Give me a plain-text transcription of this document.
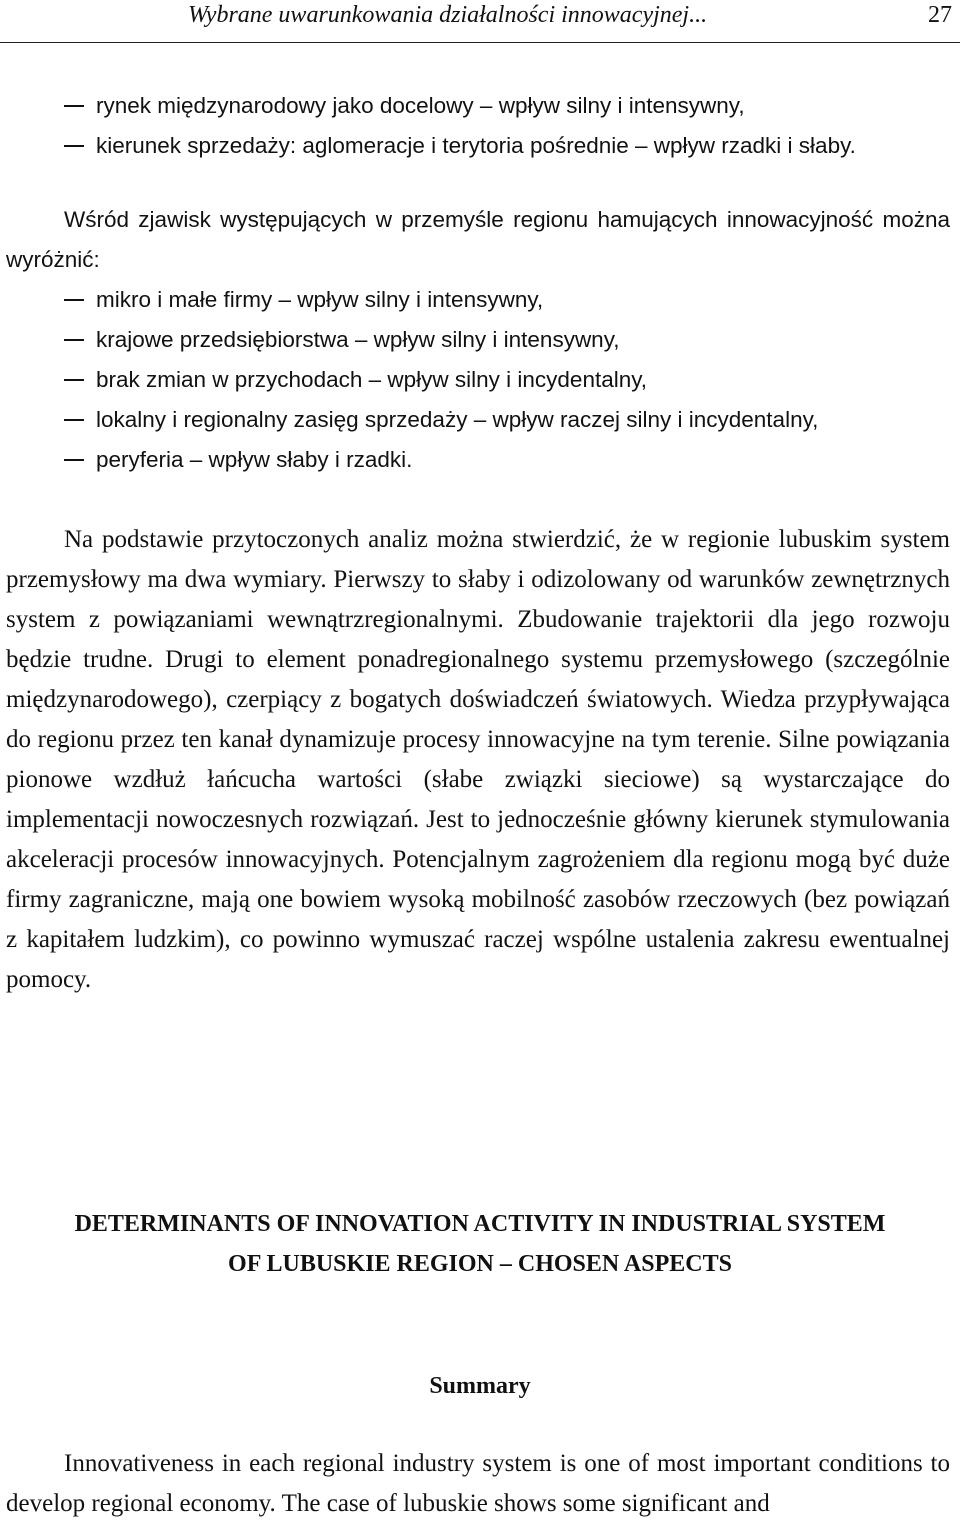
Wybrane uwarunkowania działalności innowacyjnej...	27
rynek międzynarodowy jako docelowy – wpływ silny i intensywny,
kierunek sprzedaży: aglomeracje i terytoria pośrednie – wpływ rzadki i słaby.

Wśród zjawisk występujących w przemyśle regionu hamujących innowacyjność można wyróżnić:

mikro i małe firmy – wpływ silny i intensywny,
krajowe przedsiębiorstwa – wpływ silny i intensywny,
brak zmian w przychodach – wpływ silny i incydentalny,
lokalny i regionalny zasięg sprzedaży – wpływ raczej silny i incydentalny,
peryferia – wpływ słaby i rzadki.

Na podstawie przytoczonych analiz można stwierdzić, że w regionie lubuskim system przemysłowy ma dwa wymiary. Pierwszy to słaby i odizolowany od warunków zewnętrznych system z powiązaniami wewnątrzregionalnymi. Zbudowanie trajektorii dla jego rozwoju będzie trudne. Drugi to element ponadregionalnego systemu przemysłowego (szczególnie międzynarodowego), czerpiący z bogatych doświadczeń światowych. Wiedza przypływająca do regionu przez ten kanał dynamizuje procesy innowacyjne na tym terenie. Silne powiązania pionowe wzdłuż łańcucha wartości (słabe związki sieciowe) są wystarczające do implementacji nowoczesnych rozwiązań. Jest to jednocześnie główny kierunek stymulowania akceleracji procesów innowacyjnych. Potencjalnym zagrożeniem dla regionu mogą być duże firmy zagraniczne, mają one bowiem wysoką mobilność zasobów rzeczowych (bez powiązań z kapitałem ludzkim), co powinno wymuszać raczej wspólne ustalenia zakresu ewentualnej pomocy.

DETERMINANTS OF INNOVATION ACTIVITY IN INDUSTRIAL SYSTEM
OF LUBUSKIE REGION – CHOSEN ASPECTS
Summary

Innovativeness in each regional industry system is one of most important conditions to develop regional economy. The case of lubuskie shows some significant and
